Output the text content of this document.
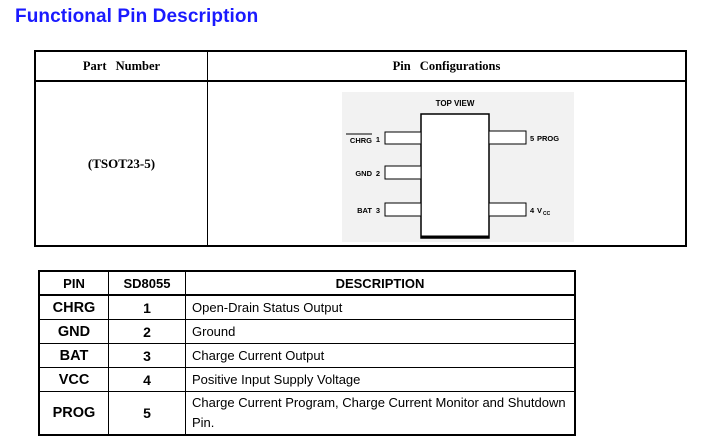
Functional Pin Description
Part Number	Pin Configurations
(TSOT23-5)
TOP VIEW
CHRG 1
GND 2
BAT 3
5 PROG
4 V CC
PIN	SD8055	DESCRIPTION
CHRG	1	Open-Drain Status Output
GND	2	Ground
BAT	3	Charge Current Output
VCC	4	Positive Input Supply Voltage
PROG	5	Charge Current Program, Charge Current Monitor and Shutdown Pin.
